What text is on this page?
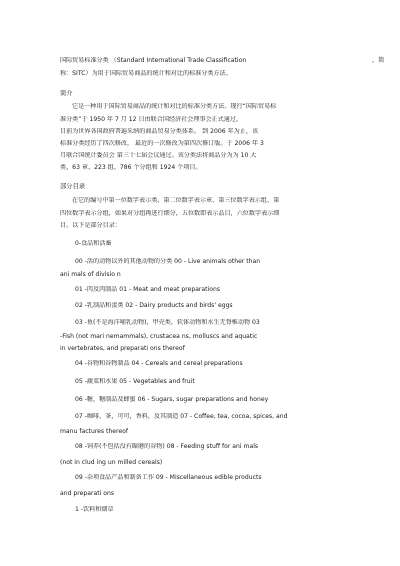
国际贸易标准分类 （Standard International Trade Classification	，简
称：SITC）为用于国际贸易商品的统计和对比的标准分类方法。
简介
它是一种用于国际贸易商品的统计和对比的标准分类方法。现行“国际贸易标
准分类”于 1950 年 7 月 12 日由联合国经济社会理事会正式通过，
目前为世界各国政府普遍采纳的商品贸易分类体系。 到 2006 年为止，该
标准分类经历了四次修改， 最近的一次修改为第四次修订版。于 2006 年 3
月联合国统计委员会 第三十七届会议通过。该分类法将商品分为为 10 大
类、63 章、223 组、786 个分组和 1924 个项目。
部分目录
在它的编号中第一位数字表示类、第二位数字表示章、第三位数字表示组、第
四位数字表示分组，如果对分组再进行细分，五位数即表示品目，六位数字表示细
目。以下是部分目录：
0-食品和活畜
00 -活的动物以外的其他动物的分类 00 - Live animals other than
ani mals of divisio n
01 -肉及肉制品 01 - Meat and meat preparations
02 -乳制品和蛋类 02 - Dairy products and birds' eggs
03 -鱼(不是海洋哺乳动物)，甲壳类，软体动物和水生无脊椎动物 03
-Fish (not mari nemammals), crustacea ns, molluscs and aquatic
in vertebrates, and preparati ons thereof
04 -谷物和谷物制品 04 - Cereals and cereal preparations
05 -蔬菜和水果 05 - Vegetables and fruit
06 -糖，糖制品及蜂蜜 06 - Sugars, sugar preparations and honey
07 -咖啡，茶，可可，香料，及其制造 07 - Coffee, tea, cocoa, spices, and
manu factures thereof
08 -饲养(不包括没有碾磨的谷物) 08 - Feeding stuff for ani mals
(not in clud ing un milled cereals)
09 -杂项食品产品和制备工作 09 - Miscellaneous edible products
and preparati ons
1 -饮料和烟草
